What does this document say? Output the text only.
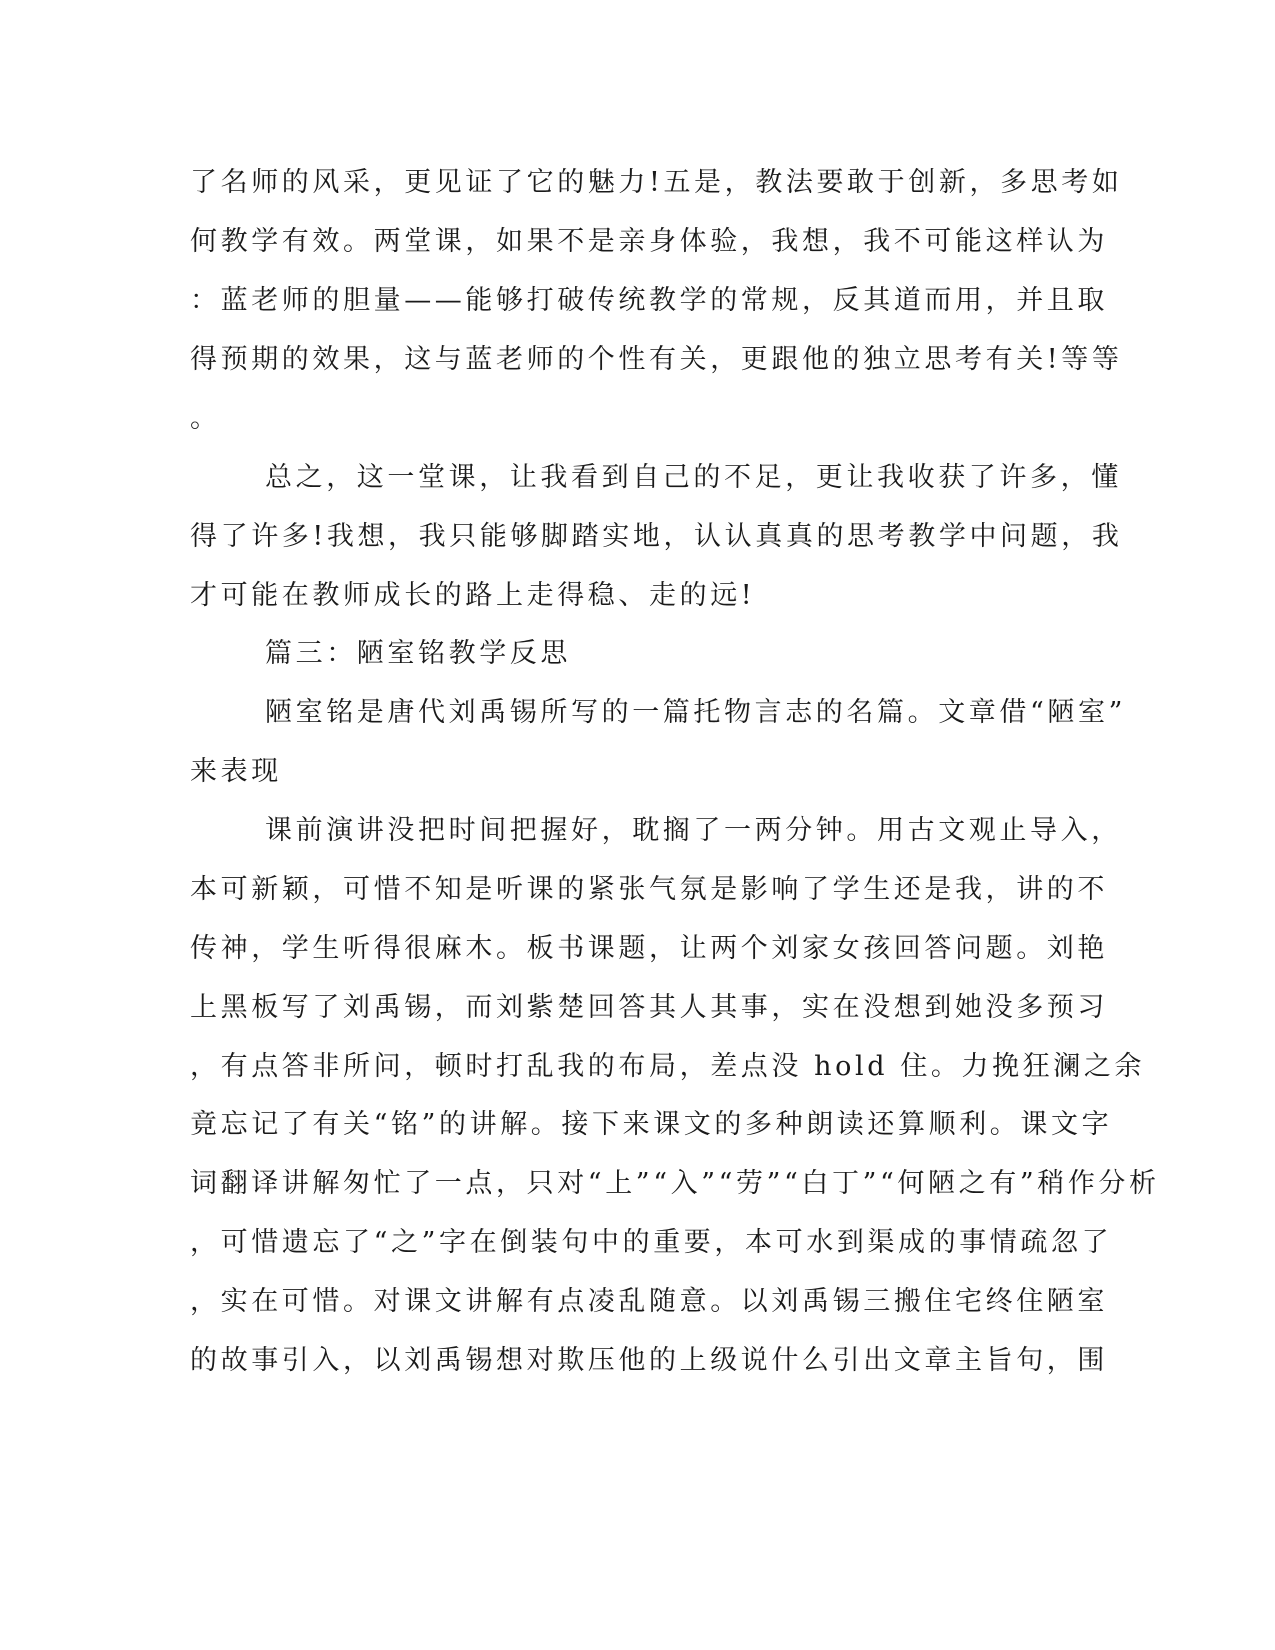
了名师的风采，更见证了它的魅力!五是，教法要敢于创新，多思考如
何教学有效。两堂课，如果不是亲身体验，我想，我不可能这样认为
：蓝老师的胆量——能够打破传统教学的常规，反其道而用，并且取
得预期的效果，这与蓝老师的个性有关，更跟他的独立思考有关!等等
。
总之，这一堂课，让我看到自己的不足，更让我收获了许多，懂
得了许多!我想，我只能够脚踏实地，认认真真的思考教学中问题，我
才可能在教师成长的路上走得稳、走的远!
篇三：陋室铭教学反思
陋室铭是唐代刘禹锡所写的一篇托物言志的名篇。文章借“陋室”
来表现
课前演讲没把时间把握好，耽搁了一两分钟。用古文观止导入，
本可新颖，可惜不知是听课的紧张气氛是影响了学生还是我，讲的不
传神，学生听得很麻木。板书课题，让两个刘家女孩回答问题。刘艳
上黑板写了刘禹锡，而刘紫楚回答其人其事，实在没想到她没多预习
，有点答非所问，顿时打乱我的布局，差点没 hold 住。力挽狂澜之余
竟忘记了有关“铭”的讲解。接下来课文的多种朗读还算顺利。课文字
词翻译讲解匆忙了一点，只对“上”“入”“劳”“白丁”“何陋之有”稍作分析
，可惜遗忘了“之”字在倒装句中的重要，本可水到渠成的事情疏忽了
，实在可惜。对课文讲解有点凌乱随意。以刘禹锡三搬住宅终住陋室
的故事引入，以刘禹锡想对欺压他的上级说什么引出文章主旨句，围
